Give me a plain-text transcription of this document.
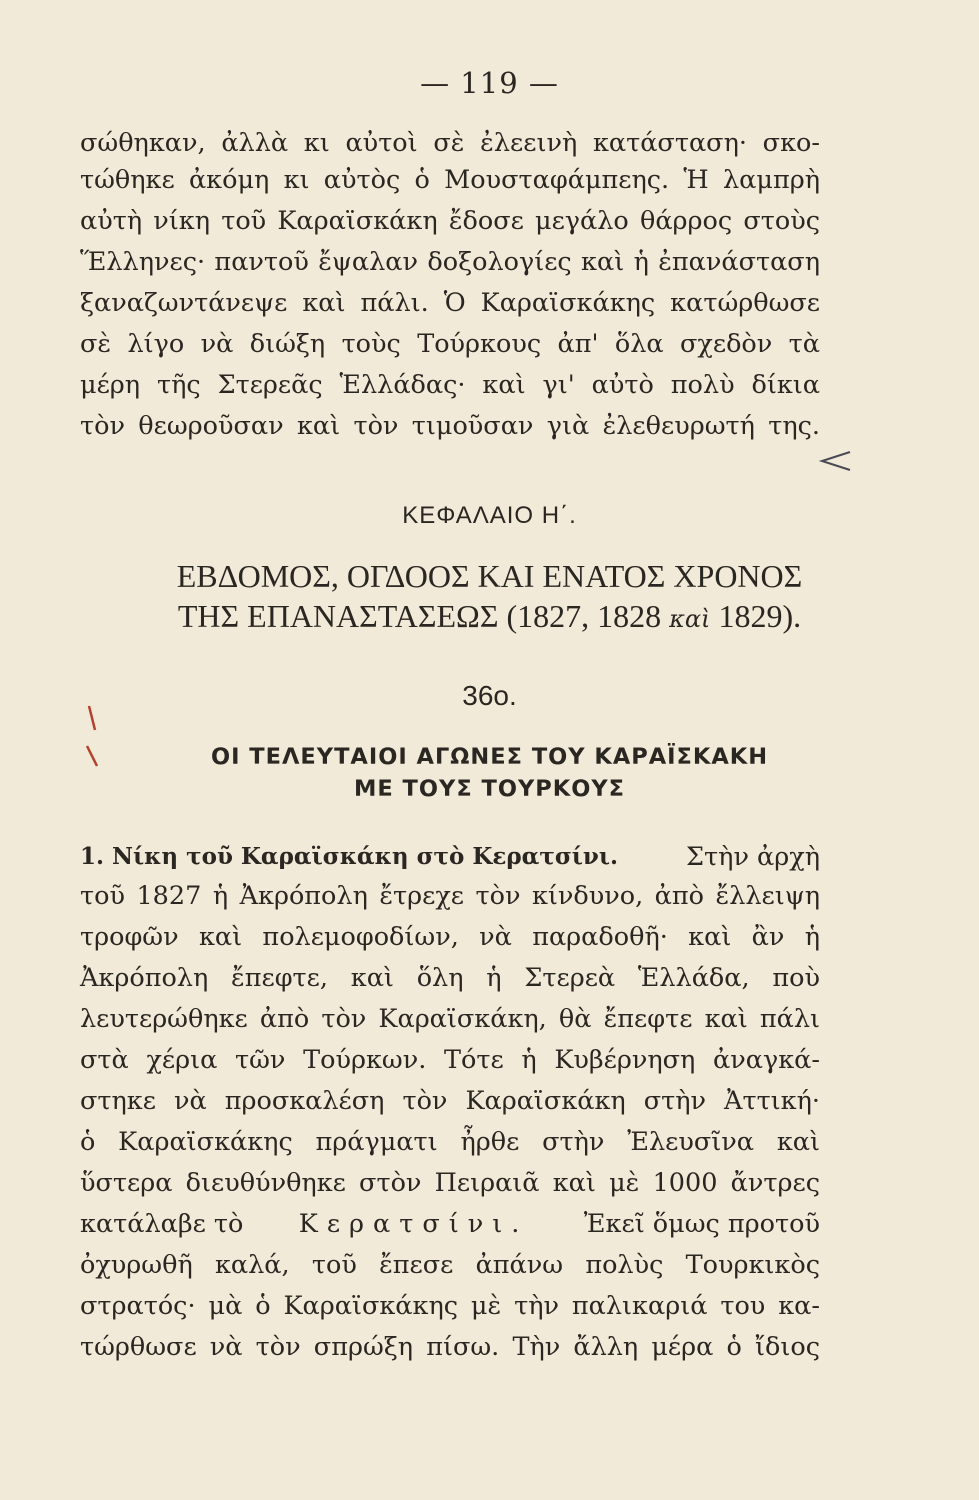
— 119 —
σώθηκαν, ἀλλὰ κι αὐτοὶ σὲ ἐλεεινὴ κατάσταση· σκο-
τώθηκε ἀκόμη κι αὐτὸς ὁ Μουσταφάμπεης. Ἡ λαμπρὴ
αὐτὴ νίκη τοῦ Καραϊσκάκη ἔδοσε μεγάλο θάρρος στοὺς
Ἕλληνες· παντοῦ ἔψαλαν δοξολογίες καὶ ἡ ἐπανάσταση
ξαναζωντάνεψε καὶ πάλι. Ὁ Καραϊσκάκης κατώρθωσε
σὲ λίγο νὰ διώξη τοὺς Τούρκους ἀπ' ὅλα σχεδὸν τὰ
μέρη τῆς Στερεᾶς Ἑλλάδας· καὶ γι' αὐτὸ πολὺ δίκια
τὸν θεωροῦσαν καὶ τὸν τιμοῦσαν γιὰ ἐλεθευρωτή της.
ΚΕΦΑΛΑΙΟ Η΄.
ΕΒΔΟΜΟΣ, ΟΓΔΟΟΣ ΚΑΙ ΕΝΑΤΟΣ ΧΡΟΝΟΣ
ΤΗΣ ΕΠΑΝΑΣΤΑΣΕΩΣ (1827, 1828 καὶ 1829).
36ο.
ΟΙ ΤΕΛΕΥΤΑΙΟΙ ΑΓΩΝΕΣ ΤΟΥ ΚΑΡΑΪΣΚΑΚΗ
ΜΕ ΤΟΥΣ ΤΟΥΡΚΟΥΣ
1. Νίκη τοῦ Καραϊσκάκη στὸ Κερατσίνι.	Στὴν ἀρχὴ
τοῦ 1827 ἡ Ἀκρόπολη ἔτρεχε τὸν κίνδυνο, ἀπὸ ἔλλειψη
τροφῶν καὶ πολεμοφοδίων, νὰ παραδοθῆ· καὶ ἂν ἡ
Ἀκρόπολη ἔπεφτε, καὶ ὅλη ἡ Στερεὰ Ἑλλάδα, ποὺ
λευτερώθηκε ἀπὸ τὸν Καραϊσκάκη, θὰ ἔπεφτε καὶ πάλι
στὰ χέρια τῶν Τούρκων. Τότε ἡ Κυβέρνηση ἀναγκά-
στηκε νὰ προσκαλέση τὸν Καραϊσκάκη στὴν Ἀττική·
ὁ Καραϊσκάκης πράγματι ἦρθε στὴν Ἐλευσῖνα καὶ
ὕστερα διευθύνθηκε στὸν Πειραιᾶ καὶ μὲ 1000 ἄντρες
κατάλαβε τὸ Κερατσίνι. Ἐκεῖ ὅμως προτοῦ
ὀχυρωθῆ καλά, τοῦ ἔπεσε ἀπάνω πολὺς Τουρκικὸς
στρατός· μὰ ὁ Καραϊσκάκης μὲ τὴν παλικαριά του κα-
τώρθωσε νὰ τὸν σπρώξη πίσω. Τὴν ἄλλη μέρα ὁ ἴδιος
